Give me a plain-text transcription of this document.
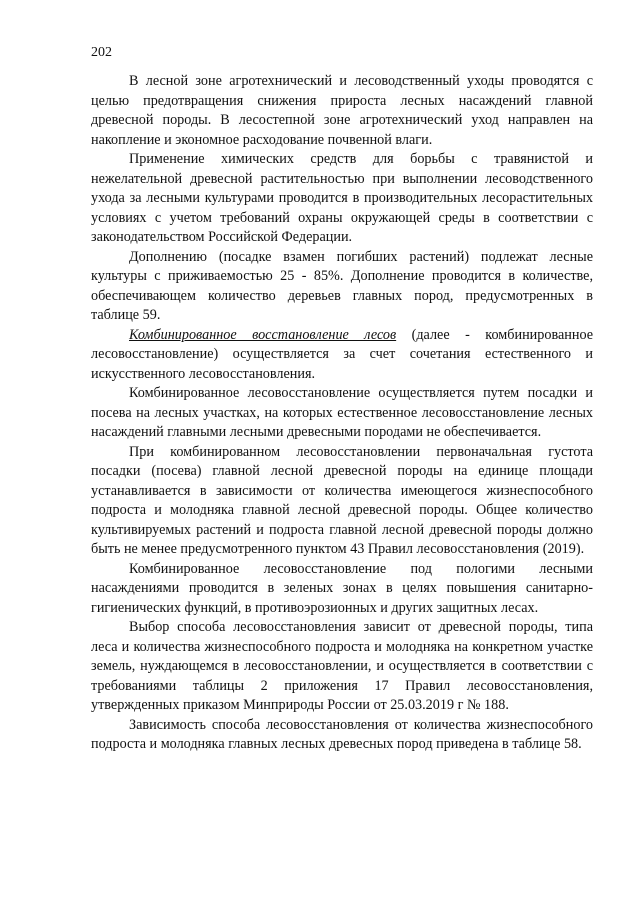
202

В лесной зоне агротехнический и лесоводственный уходы проводятся с целью предотвращения снижения прироста лесных насаждений главной древесной породы. В лесостепной зоне агротехнический уход направлен на накопление и экономное расходование почвенной влаги.

Применение химических средств для борьбы с травянистой и нежелательной древесной растительностью при выполнении лесоводственного ухода за лесными культурами проводится в производительных лесорастительных условиях с учетом требований охраны окружающей среды в соответствии с законодательством Российской Федерации.

Дополнению (посадке взамен погибших растений) подлежат лесные культуры с приживаемостью 25 - 85%. Дополнение проводится в количестве, обеспечивающем количество деревьев главных пород, предусмотренных в таблице 59.

Комбинированное восстановление лесов (далее - комбинированное лесовосстановление) осуществляется за счет сочетания естественного и искусственного лесовосстановления.

Комбинированное лесовосстановление осуществляется путем посадки и посева на лесных участках, на которых естественное лесовосстановление лесных насаждений главными лесными древесными породами не обеспечивается.

При комбинированном лесовосстановлении первоначальная густота посадки (посева) главной лесной древесной породы на единице площади устанавливается в зависимости от количества имеющегося жизнеспособного подроста и молодняка главной лесной древесной породы. Общее количество культивируемых растений и подроста главной лесной древесной породы должно быть не менее предусмотренного пунктом 43 Правил лесовосстановления (2019).

Комбинированное лесовосстановление под пологими лесными насаждениями проводится в зеленых зонах в целях повышения санитарно-гигиенических функций, в противоэрозионных и других защитных лесах.

Выбор способа лесовосстановления зависит от древесной породы, типа леса и количества жизнеспособного подроста и молодняка на конкретном участке земель, нуждающемся в лесовосстановлении, и осуществляется в соответствии с требованиями таблицы 2 приложения 17 Правил лесовосстановления, утвержденных приказом Минприроды России от 25.03.2019 г № 188.

Зависимость способа лесовосстановления от количества жизнеспособного подроста и молодняка главных лесных древесных пород приведена в таблице 58.
